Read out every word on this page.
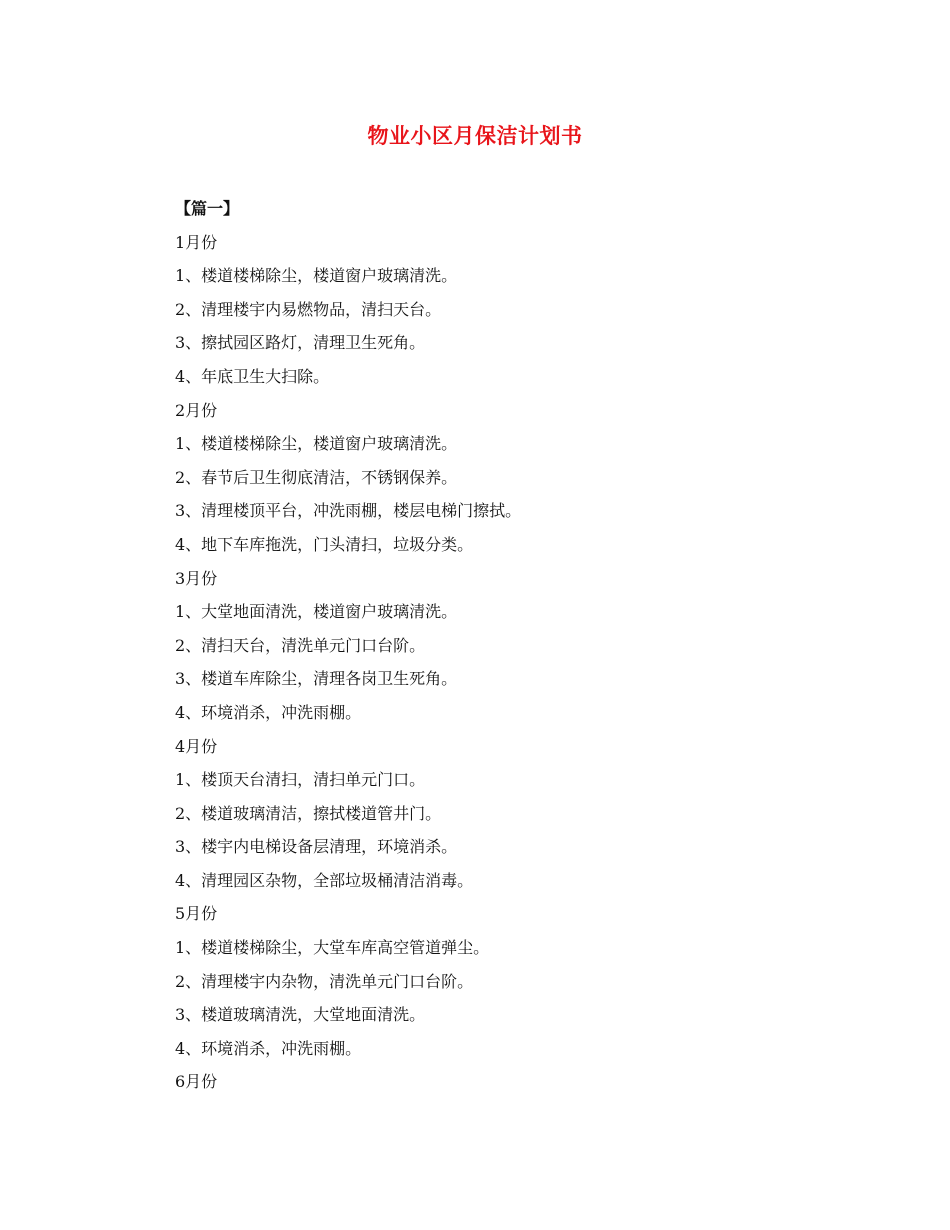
物业小区月保洁计划书
【篇一】
1月份
1、楼道楼梯除尘，楼道窗户玻璃清洗。
2、清理楼宇内易燃物品，清扫天台。
3、擦拭园区路灯，清理卫生死角。
4、年底卫生大扫除。
2月份
1、楼道楼梯除尘，楼道窗户玻璃清洗。
2、春节后卫生彻底清洁，不锈钢保养。
3、清理楼顶平台，冲洗雨棚，楼层电梯门擦拭。
4、地下车库拖洗，门头清扫，垃圾分类。
3月份
1、大堂地面清洗，楼道窗户玻璃清洗。
2、清扫天台，清洗单元门口台阶。
3、楼道车库除尘，清理各岗卫生死角。
4、环境消杀，冲洗雨棚。
4月份
1、楼顶天台清扫，清扫单元门口。
2、楼道玻璃清洁，擦拭楼道管井门。
3、楼宇内电梯设备层清理，环境消杀。
4、清理园区杂物，全部垃圾桶清洁消毒。
5月份
1、楼道楼梯除尘，大堂车库高空管道弹尘。
2、清理楼宇内杂物，清洗单元门口台阶。
3、楼道玻璃清洗，大堂地面清洗。
4、环境消杀，冲洗雨棚。
6月份
